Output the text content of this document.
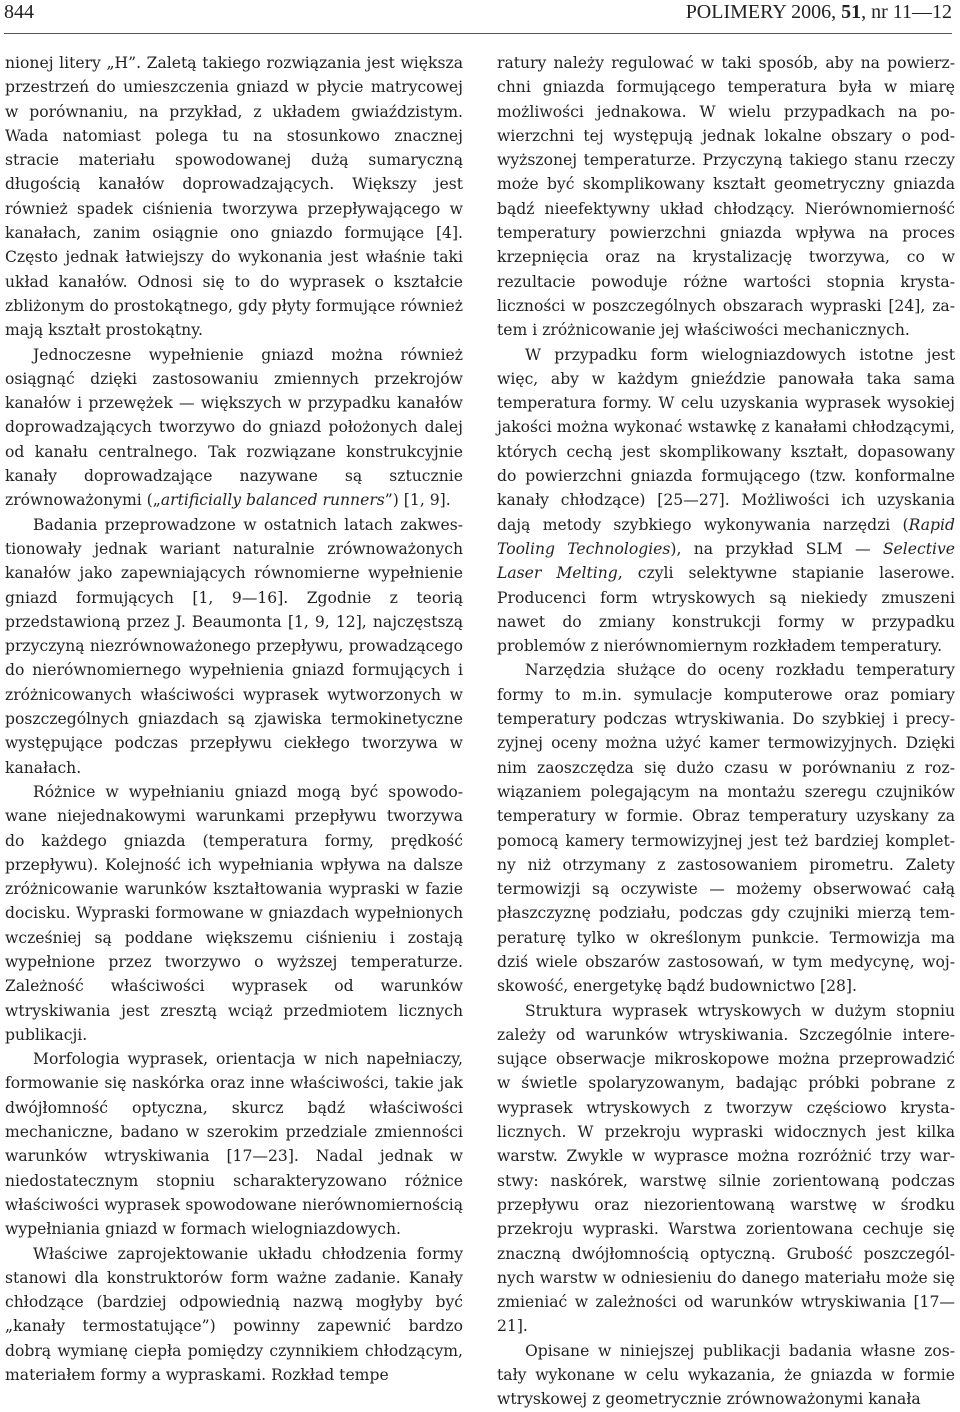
844	POLIMERY 2006, 51, nr 11—12

nionej litery „H”. Zaletą takiego rozwiązania jest większa przestrzeń do umieszczenia gniazd w płycie matrycowej w porównaniu, na przykład, z układem gwiaździstym. Wada natomiast polega tu na stosunkowo znacznej stracie materiału spowodowanej dużą sumaryczną długością kanałów doprowadzających. Większy jest również spadek ciśnienia tworzywa przepływającego w kanałach, zanim osiągnie ono gniazdo formujące [4]. Często jednak łatwiejszy do wykonania jest właśnie taki układ kanałów. Odnosi się to do wyprasek o kształcie zbliżonym do prostokątnego, gdy płyty formujące również mają kształt prostokątny.

Jednoczesne wypełnienie gniazd można również osiągnąć dzięki zastosowaniu zmiennych przekrojów kanałów i przewężek — większych w przypadku kanałów doprowadzających tworzywo do gniazd położonych dalej od kanału centralnego. Tak rozwiązane konstrukcyjnie kanały doprowadzające nazywane są sztucznie zrównoważonymi („artificially balanced runners”) [1, 9].

Badania przeprowadzone w ostatnich latach zakwestionowały jednak wariant naturalnie zrównoważonych kanałów jako zapewniających równomierne wypełnienie gniazd formujących [1, 9—16]. Zgodnie z teorią przedstawioną przez J. Beaumonta [1, 9, 12], najczęstszą przyczyną niezrównoważonego przepływu, prowadzącego do nierównomiernego wypełnienia gniazd formujących i zróżnicowanych właściwości wyprasek wytworzonych w poszczególnych gniazdach są zjawiska termokinetyczne występujące podczas przepływu ciekłego tworzywa w kanałach.

Różnice w wypełnianiu gniazd mogą być spowodowane niejednakowymi warunkami przepływu tworzywa do każdego gniazda (temperatura formy, prędkość przepływu). Kolejność ich wypełniania wpływa na dalsze zróżnicowanie warunków kształtowania wypraski w fazie docisku. Wypraski formowane w gniazdach wypełnionych wcześniej są poddane większemu ciśnieniu i zostają wypełnione przez tworzywo o wyższej temperaturze. Zależność właściwości wyprasek od warunków wtryskiwania jest zresztą wciąż przedmiotem licznych publikacji.

Morfologia wyprasek, orientacja w nich napełniaczy, formowanie się naskórka oraz inne właściwości, takie jak dwójłomność optyczna, skurcz bądź właściwości mechaniczne, badano w szerokim przedziale zmienności warunków wtryskiwania [17—23]. Nadal jednak w niedostatecznym stopniu scharakteryzowano różnice właściwości wyprasek spowodowane nierównomiernością wypełniania gniazd w formach wielogniazdowych.

Właściwe zaprojektowanie układu chłodzenia formy stanowi dla konstruktorów form ważne zadanie. Kanały chłodzące (bardziej odpowiednią nazwą mogłyby być „kanały termostatujące”) powinny zapewnić bardzo dobrą wymianę ciepła pomiędzy czynnikiem chłodzącym, materiałem formy a wypraskami. Rozkład tempe

ratury należy regulować w taki sposób, aby na powierzchni gniazda formującego temperatura była w miarę możliwości jednakowa. W wielu przypadkach na powierzchni tej występują jednak lokalne obszary o podwyższonej temperaturze. Przyczyną takiego stanu rzeczy może być skomplikowany kształt geometryczny gniazda bądź nieefektywny układ chłodzący. Nierównomierność temperatury powierzchni gniazda wpływa na proces krzepnięcia oraz na krystalizację tworzywa, co w rezultacie powoduje różne wartości stopnia krystaliczności w poszczególnych obszarach wypraski [24], zatem i zróżnicowanie jej właściwości mechanicznych.

W przypadku form wielogniazdowych istotne jest więc, aby w każdym gnieździe panowała taka sama temperatura formy. W celu uzyskania wyprasek wysokiej jakości można wykonać wstawkę z kanałami chłodzącymi, których cechą jest skomplikowany kształt, dopasowany do powierzchni gniazda formującego (tzw. konformalne kanały chłodzące) [25—27]. Możliwości ich uzyskania dają metody szybkiego wykonywania narzędzi (Rapid Tooling Technologies), na przykład SLM — Selective Laser Melting, czyli selektywne stapianie laserowe. Producenci form wtryskowych są niekiedy zmuszeni nawet do zmiany konstrukcji formy w przypadku problemów z nierównomiernym rozkładem temperatury.

Narzędzia służące do oceny rozkładu temperatury formy to m.in. symulacje komputerowe oraz pomiary temperatury podczas wtryskiwania. Do szybkiej i precyzyjnej oceny można użyć kamer termowizyjnych. Dzięki nim zaoszczędza się dużo czasu w porównaniu z rozwiązaniem polegającym na montażu szeregu czujników temperatury w formie. Obraz temperatury uzyskany za pomocą kamery termowizyjnej jest też bardziej kompletny niż otrzymany z zastosowaniem pirometru. Zalety termowizji są oczywiste — możemy obserwować całą płaszczyznę podziału, podczas gdy czujniki mierzą temperaturę tylko w określonym punkcie. Termowizja ma dziś wiele obszarów zastosowań, w tym medycynę, wojskowość, energetykę bądź budownictwo [28].

Struktura wyprasek wtryskowych w dużym stopniu zależy od warunków wtryskiwania. Szczególnie interesujące obserwacje mikroskopowe można przeprowadzić w świetle spolaryzowanym, badając próbki pobrane z wyprasek wtryskowych z tworzyw częściowo krystalicznych. W przekroju wypraski widocznych jest kilka warstw. Zwykle w wyprasce można rozróżnić trzy warstwy: naskórek, warstwę silnie zorientowaną podczas przepływu oraz niezorientowaną warstwę w środku przekroju wypraski. Warstwa zorientowana cechuje się znaczną dwójłomnością optyczną. Grubość poszczególnych warstw w odniesieniu do danego materiału może się zmieniać w zależności od warunków wtryskiwania [17—21].

Opisane w niniejszej publikacji badania własne zostały wykonane w celu wykazania, że gniazda w formie wtryskowej z geometrycznie zrównoważonymi kanała
